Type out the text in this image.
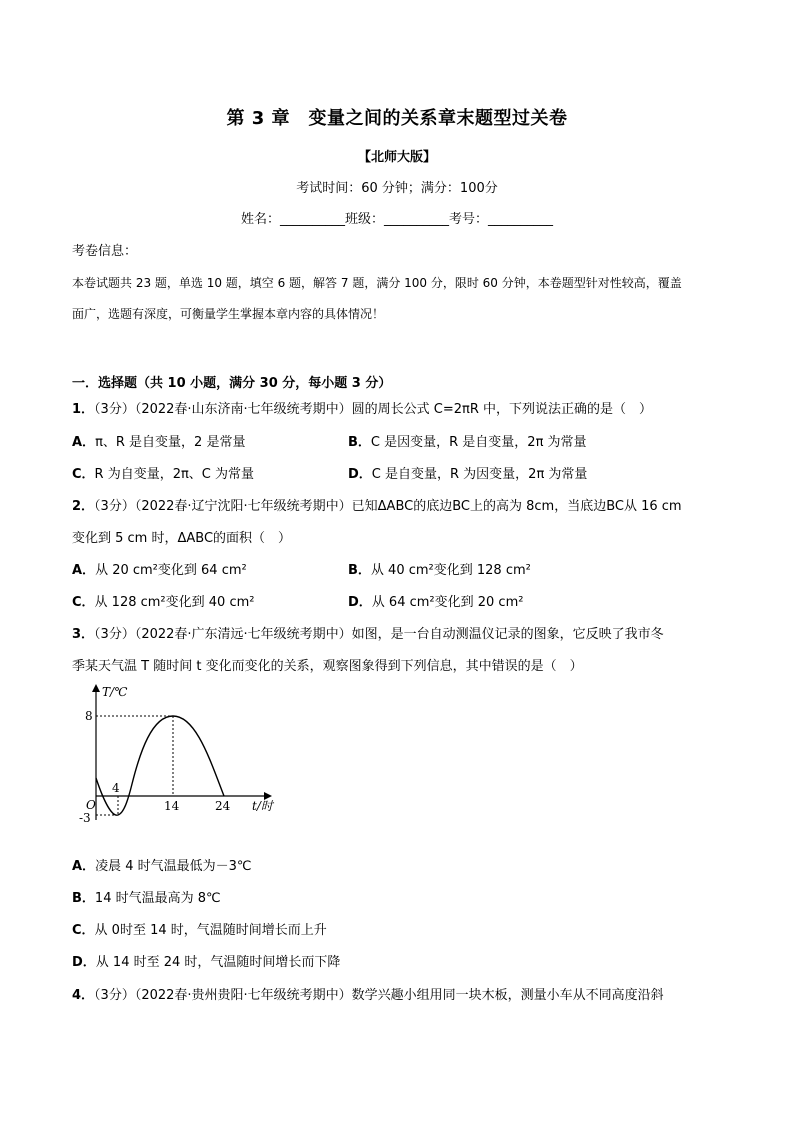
第 3 章　变量之间的关系章末题型过关卷
【北师大版】
考试时间：60 分钟；满分：100分
姓名：__________班级：__________考号：__________
考卷信息：
本卷试题共 23 题，单选 10 题，填空 6 题，解答 7 题，满分 100 分，限时 60 分钟，本卷题型针对性较高，覆盖
面广，选题有深度，可衡量学生掌握本章内容的具体情况！
一．选择题（共 10 小题，满分 30 分，每小题 3 分）
1．（3分）（2022春·山东济南·七年级统考期中）圆的周长公式 C=2πR 中，下列说法正确的是（　）
A．π、R 是自变量，2 是常量	B．C 是因变量，R 是自变量，2π 为常量
C．R 为自变量，2π、C 为常量	D．C 是自变量，R 为因变量，2π 为常量
2．（3分）（2022春·辽宁沈阳·七年级统考期中）已知ΔABC的底边BC上的高为 8cm，当底边BC从 16 cm
变化到 5 cm 时，ΔABC的面积（　）
A．从 20 cm²变化到 64 cm²	B．从 40 cm²变化到 128 cm²
C．从 128 cm²变化到 40 cm²	D．从 64 cm²变化到 20 cm²
3．（3分）（2022春·广东清远·七年级统考期中）如图，是一台自动测温仪记录的图象，它反映了我市冬
季某天气温 T 随时间 t 变化而变化的关系，观察图象得到下列信息，其中错误的是（　）
T/℃
t/时
O
8
-3
4
14	24
A．凌晨 4 时气温最低为－3℃
B．14 时气温最高为 8℃
C．从 0时至 14 时，气温随时间增长而上升
D．从 14 时至 24 时，气温随时间增长而下降
4．（3分）（2022春·贵州贵阳·七年级统考期中）数学兴趣小组用同一块木板，测量小车从不同高度沿斜
